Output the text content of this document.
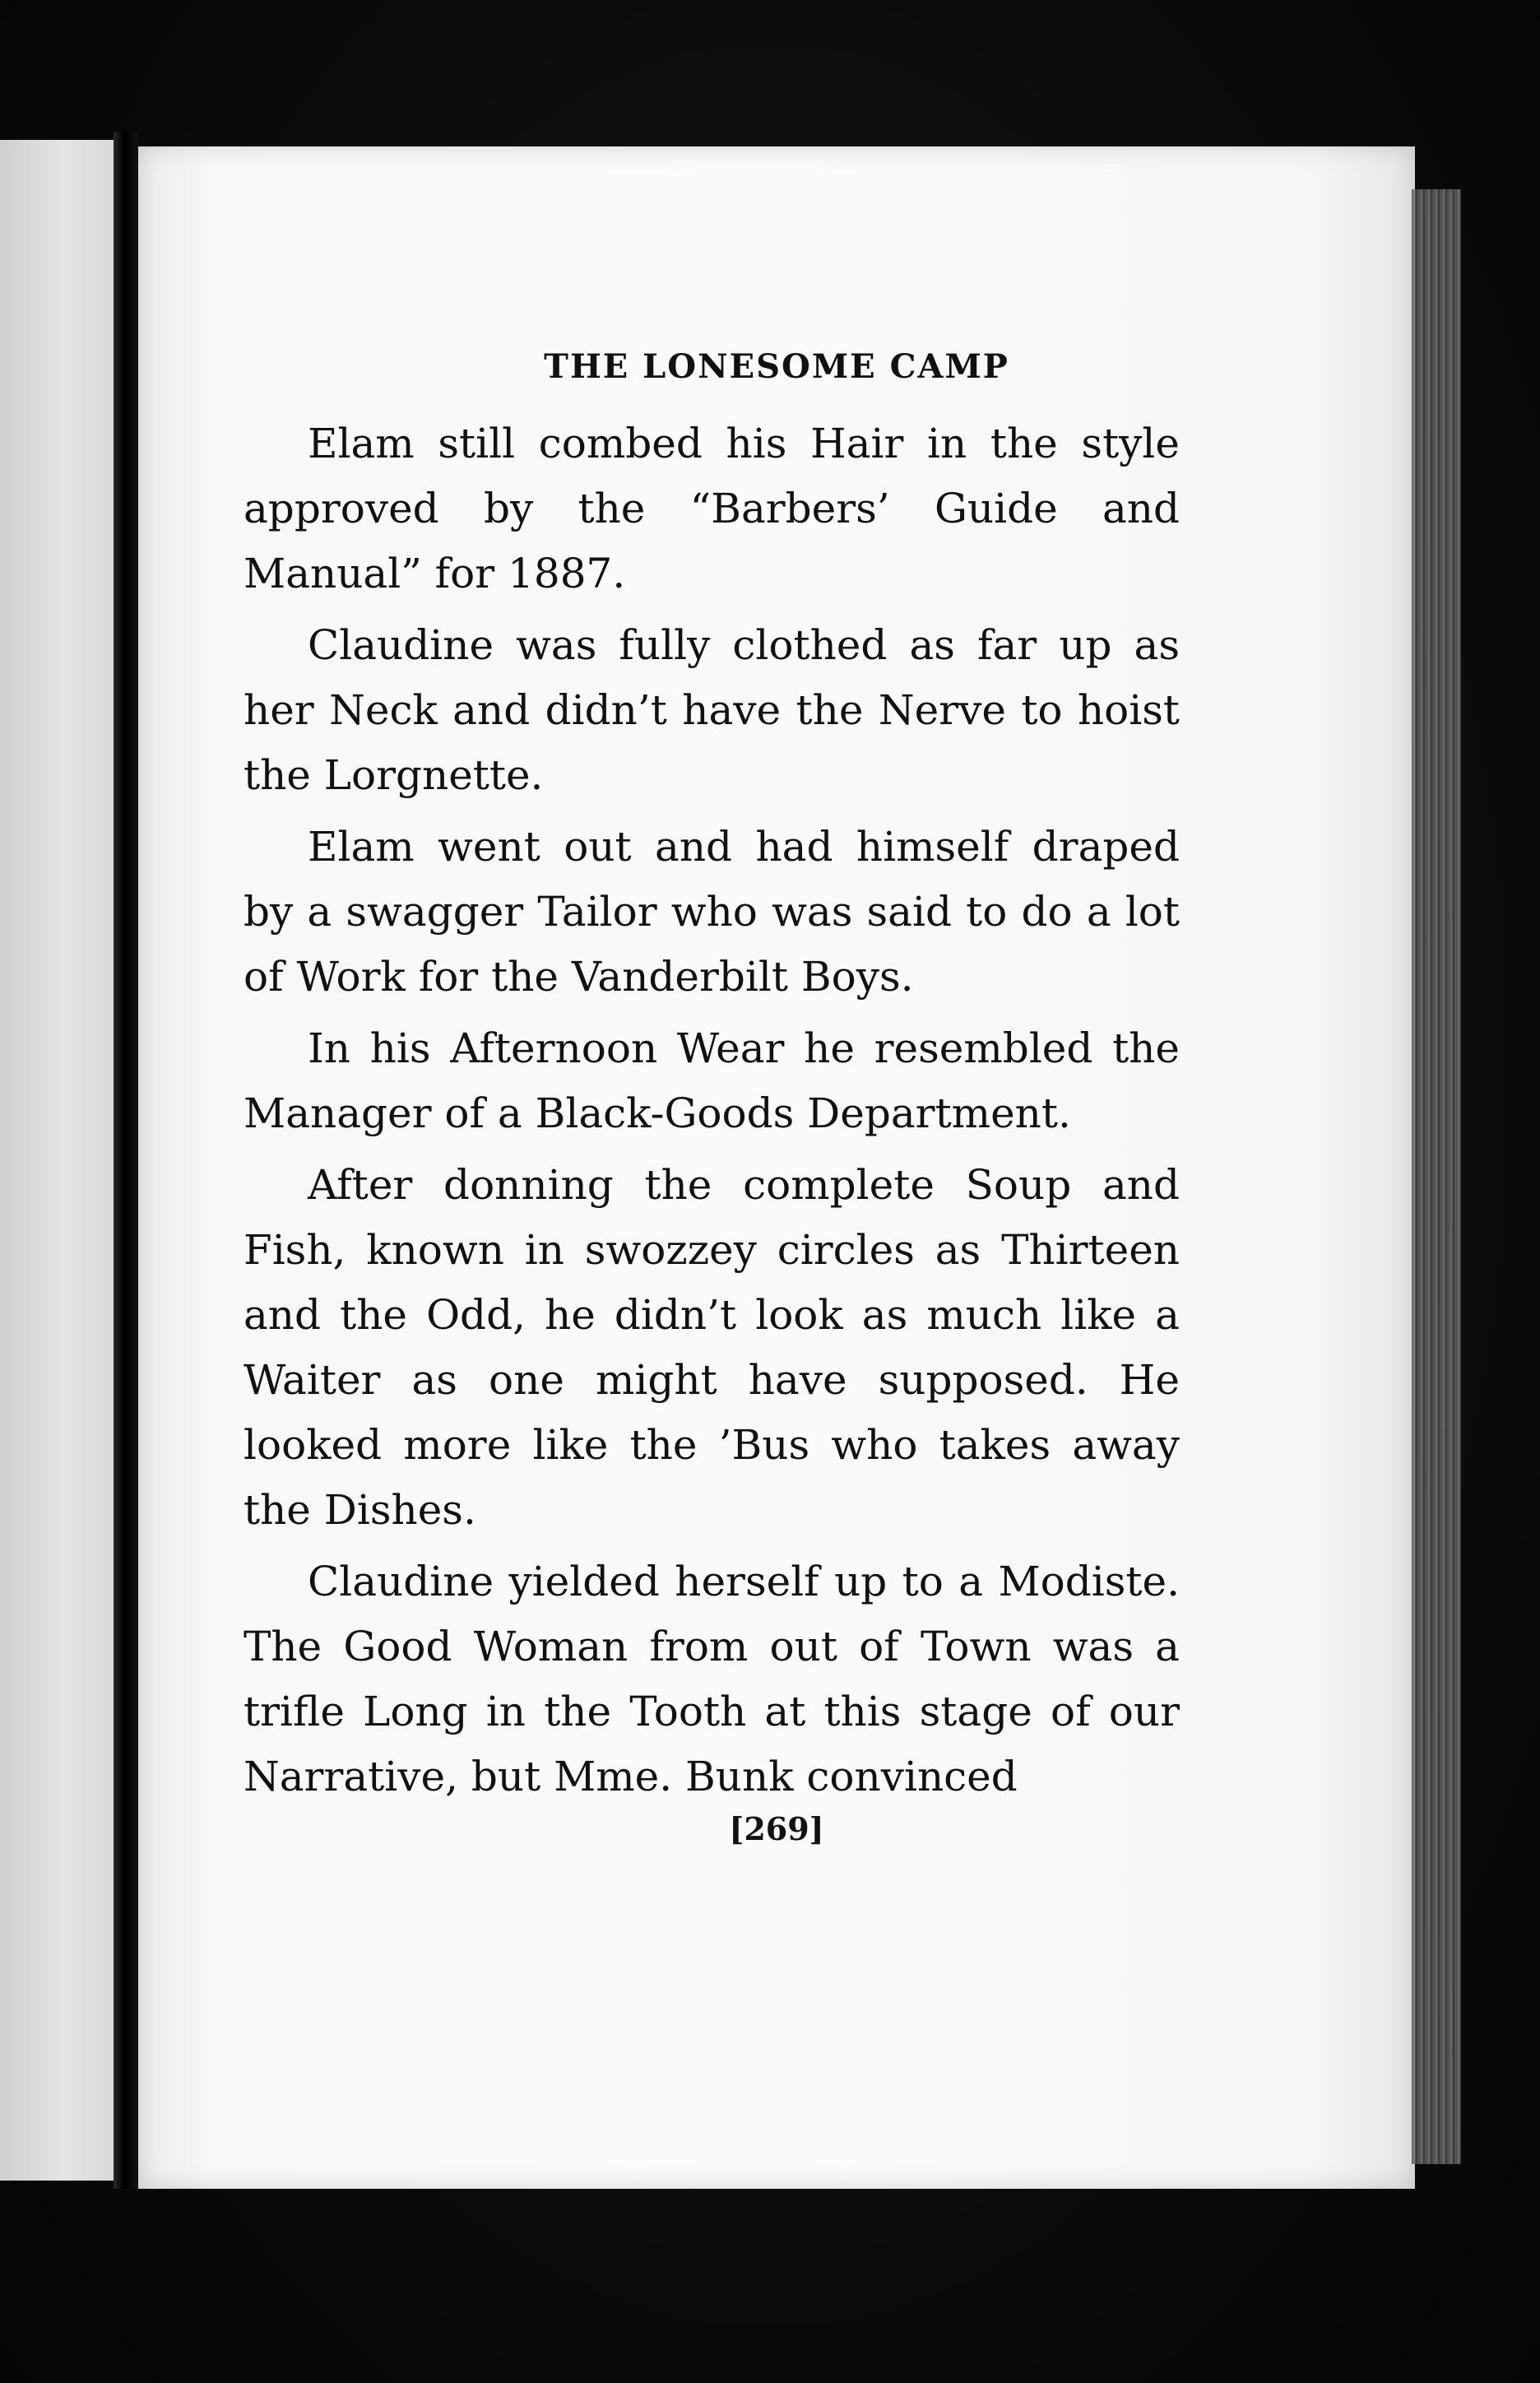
THE LONESOME CAMP

Elam still combed his Hair in the style approved by the “Barbers’ Guide and Manual” for 1887.

Claudine was fully clothed as far up as her Neck and didn’t have the Nerve to hoist the Lorgnette.

Elam went out and had himself draped by a swagger Tailor who was said to do a lot of Work for the Vanderbilt Boys.

In his Afternoon Wear he resembled the Manager of a Black-Goods Department.

After donning the complete Soup and Fish, known in swozzey circles as Thirteen and the Odd, he didn’t look as much like a Waiter as one might have supposed. He looked more like the ’Bus who takes away the Dishes.

Claudine yielded herself up to a Modiste. The Good Woman from out of Town was a trifle Long in the Tooth at this stage of our Narrative, but Mme. Bunk convinced

[269]
